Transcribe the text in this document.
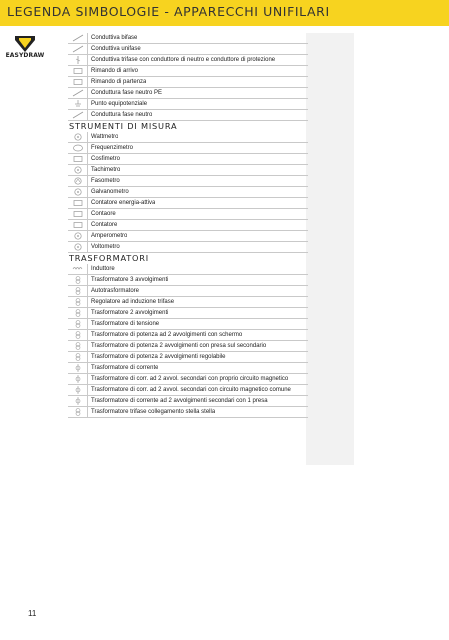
LEGENDA SIMBOLOGIE - APPARECCHI UNIFILARI
EASYDRAW
Conduttiva bifase
Conduttiva unifase
Conduttiva trifase con conduttore di neutro e conduttore di protezione
Rimando di arrivo
Rimando di partenza
Conduttura fase neutro PE
Punto equipotenziale
Conduttura fase neutro
STRUMENTI DI MISURA
Wattmetro
Frequenzimetro
Cosfimetro
Tachimetro
Fasometro
Galvanometro
Contatore energia-attiva
Contaore
Contatore
Amperometro
Voltometro
TRASFORMATORI
Induttore
Trasformatore 3 avvolgimenti
Autotrasformatore
Regolatore ad induzione trifase
Trasformatore 2 avvolgimenti
Trasformatore di tensione
Trasformatore di potenza ad 2 avvolgimenti con schermo
Trasformatore di potenza 2 avvolgimenti con presa sul secondario
Trasformatore di potenza 2 avvolgimenti regolabile
Trasformatore di corrente
Trasformatore di corr. ad 2 avvol. secondari con proprio circuito magnetico
Trasformatore di corr. ad 2 avvol. secondari con circuito magnetico comune
Trasformatore di corrente ad 2 avvolgimenti secondari con 1 presa
Trasformatore trifase collegamento stella stella
11
